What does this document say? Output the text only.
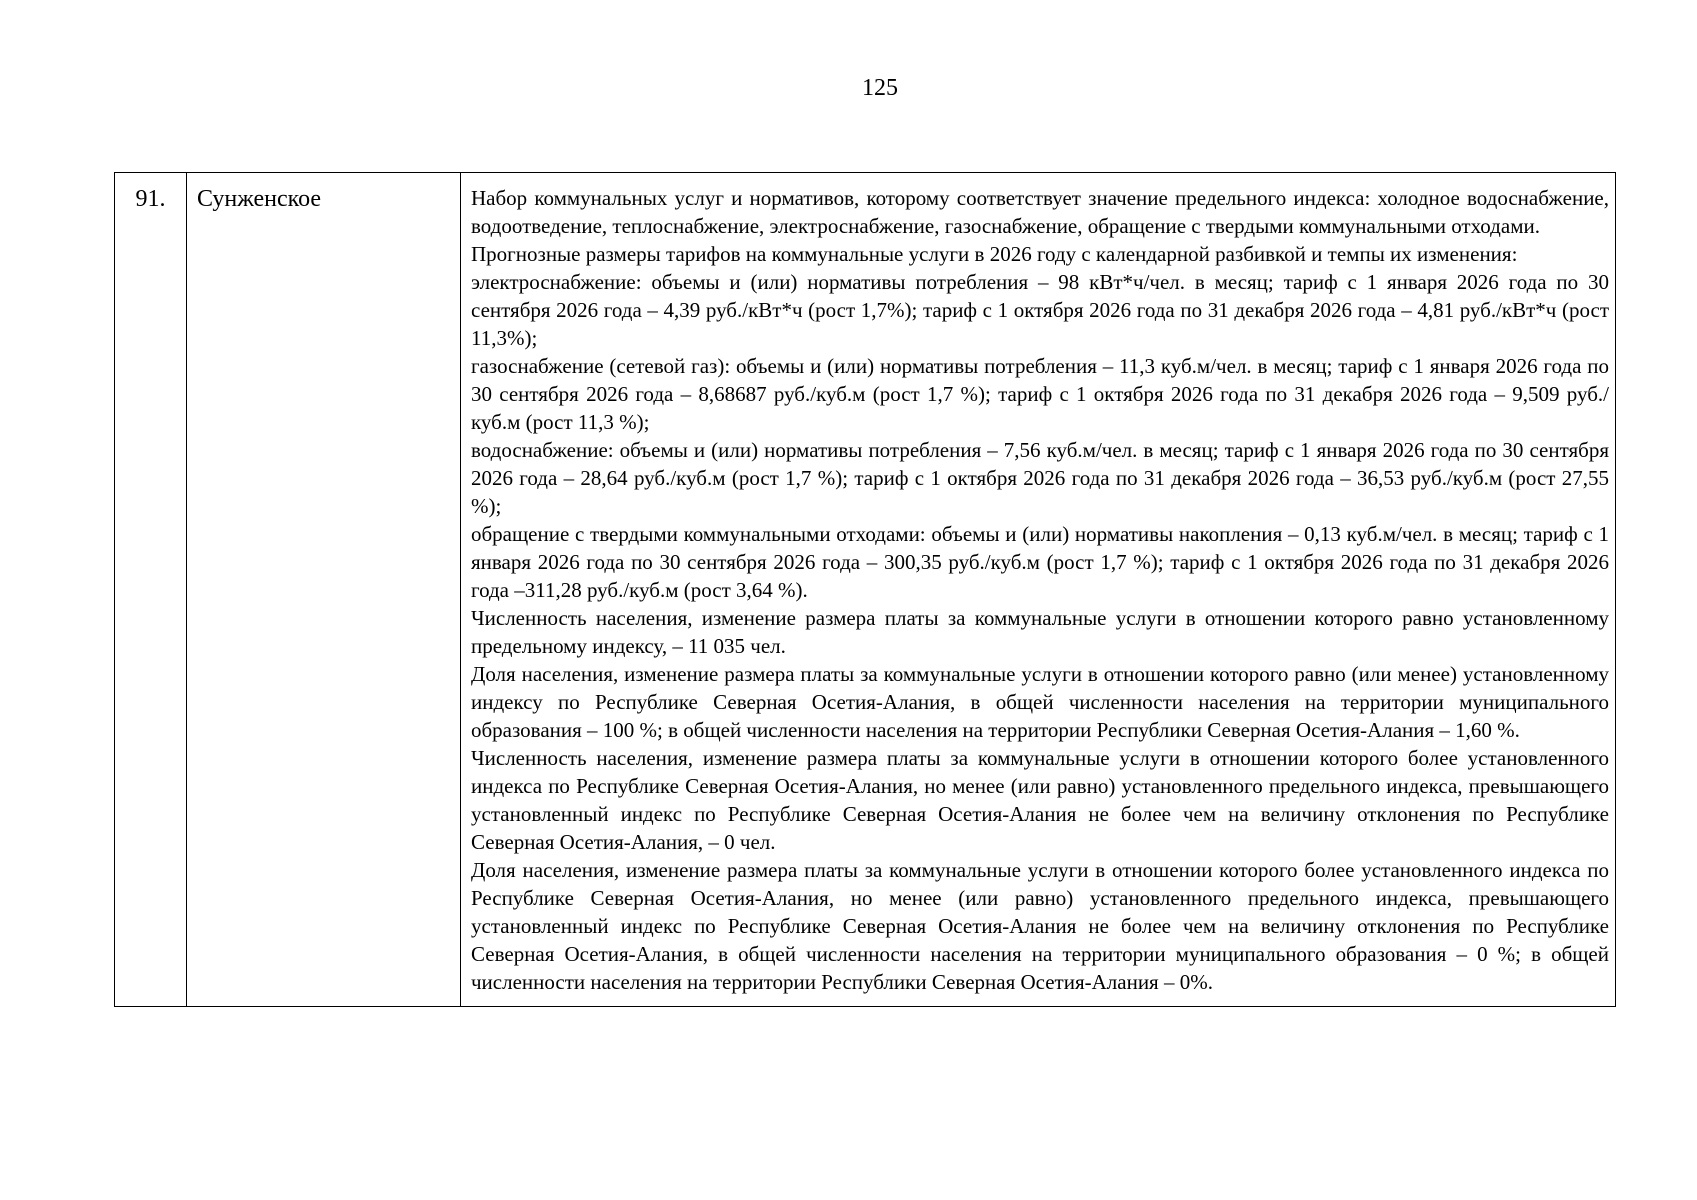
125
91.	Сунженское	Набор коммунальных услуг и нормативов, которому соответствует значение предельного индекса: холодное водоснабжение, водоотведение, теплоснабжение, электроснабжение, газоснабжение, обращение с твердыми коммунальными отходами.

Прогнозные размеры тарифов на коммунальные услуги в 2026 году с календарной разбивкой и темпы их изменения:

электроснабжение: объемы и (или) нормативы потребления – 98 кВт*ч/чел. в месяц; тариф с 1 января 2026 года по 30 сентября 2026 года – 4,39 руб./кВт*ч (рост 1,7%); тариф с 1 октября 2026 года по 31 декабря 2026 года – 4,81 руб./кВт*ч (рост 11,3%);

газоснабжение (сетевой газ): объемы и (или) нормативы потребления – 11,3 куб.м/чел. в месяц; тариф с 1 января 2026 года по 30 сентября 2026 года – 8,68687 руб./куб.м (рост 1,7 %); тариф с 1 октября 2026 года по 31 декабря 2026 года – 9,509 руб./куб.м (рост 11,3 %);

водоснабжение: объемы и (или) нормативы потребления – 7,56 куб.м/чел. в месяц; тариф с 1 января 2026 года по 30 сентября 2026 года – 28,64 руб./куб.м (рост 1,7 %); тариф с 1 октября 2026 года по 31 декабря 2026 года – 36,53 руб./куб.м (рост 27,55 %);

обращение с твердыми коммунальными отходами: объемы и (или) нормативы накопления – 0,13 куб.м/чел. в месяц; тариф с 1 января 2026 года по 30 сентября 2026 года – 300,35 руб./куб.м (рост 1,7 %); тариф с 1 октября 2026 года по 31 декабря 2026 года –311,28 руб./куб.м (рост 3,64 %).

Численность населения, изменение размера платы за коммунальные услуги в отношении которого равно установленному предельному индексу, – 11 035 чел.

Доля населения, изменение размера платы за коммунальные услуги в отношении которого равно (или менее) установленному индексу по Республике Северная Осетия-Алания, в общей численности населения на территории муниципального образования – 100 %; в общей численности населения на территории Республики Северная Осетия-Алания – 1,60 %.

Численность населения, изменение размера платы за коммунальные услуги в отношении которого более установленного индекса по Республике Северная Осетия-Алания, но менее (или равно) установленного предельного индекса, превышающего установленный индекс по Республике Северная Осетия-Алания не более чем на величину отклонения по Республике Северная Осетия-Алания, – 0 чел.

Доля населения, изменение размера платы за коммунальные услуги в отношении которого более установленного индекса по Республике Северная Осетия-Алания, но менее (или равно) установленного предельного индекса, превышающего установленный индекс по Республике Северная Осетия-Алания не более чем на величину отклонения по Республике Северная Осетия-Алания, в общей численности населения на территории муниципального образования – 0 %; в общей численности населения на территории Республики Северная Осетия-Алания – 0%.
